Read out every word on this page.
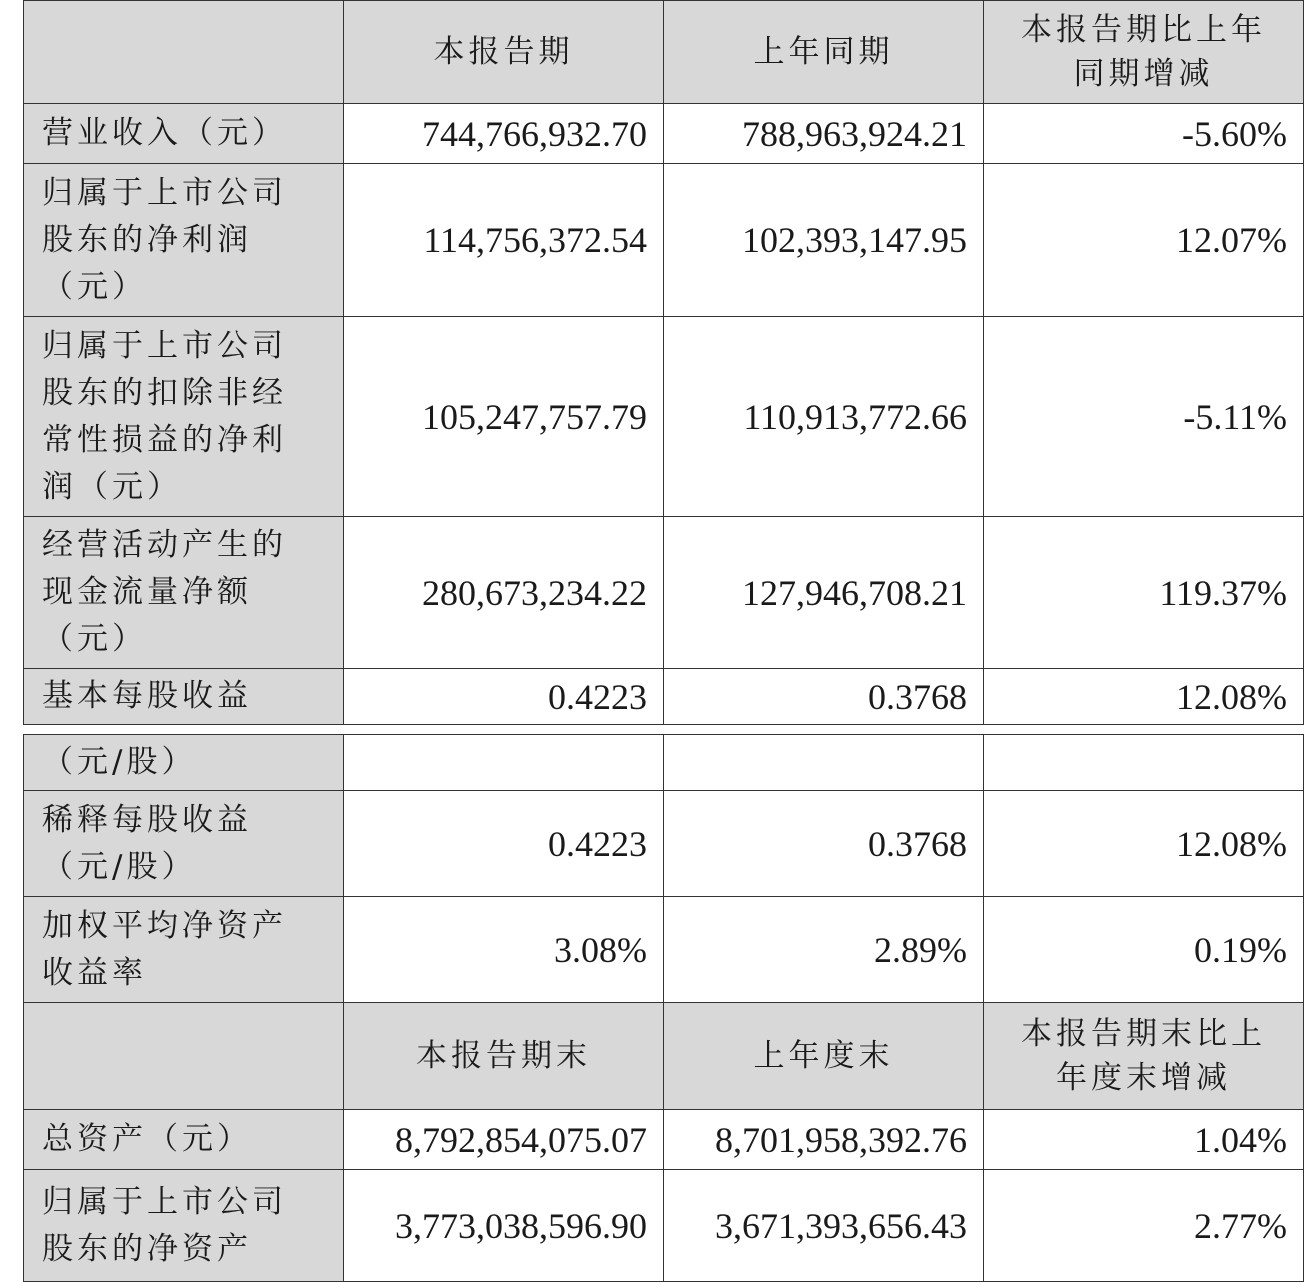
	本报告期	上年同期	本报告期比上年
同期增减
营业收入（元）	744,766,932.70	788,963,924.21	-5.60%
归属于上市公司
股东的净利润
（元）	114,756,372.54	102,393,147.95	12.07%
归属于上市公司
股东的扣除非经
常性损益的净利
润（元）	105,247,757.79	110,913,772.66	-5.11%
经营活动产生的
现金流量净额
（元）	280,673,234.22	127,946,708.21	119.37%
基本每股收益	0.4223	0.3768	12.08%
（元/股）			
稀释每股收益
（元/股）	0.4223	0.3768	12.08%
加权平均净资产
收益率	3.08%	2.89%	0.19%
	本报告期末	上年度末	本报告期末比上
年度末增减
总资产（元）	8,792,854,075.07	8,701,958,392.76	1.04%
归属于上市公司
股东的净资产	3,773,038,596.90	3,671,393,656.43	2.77%
